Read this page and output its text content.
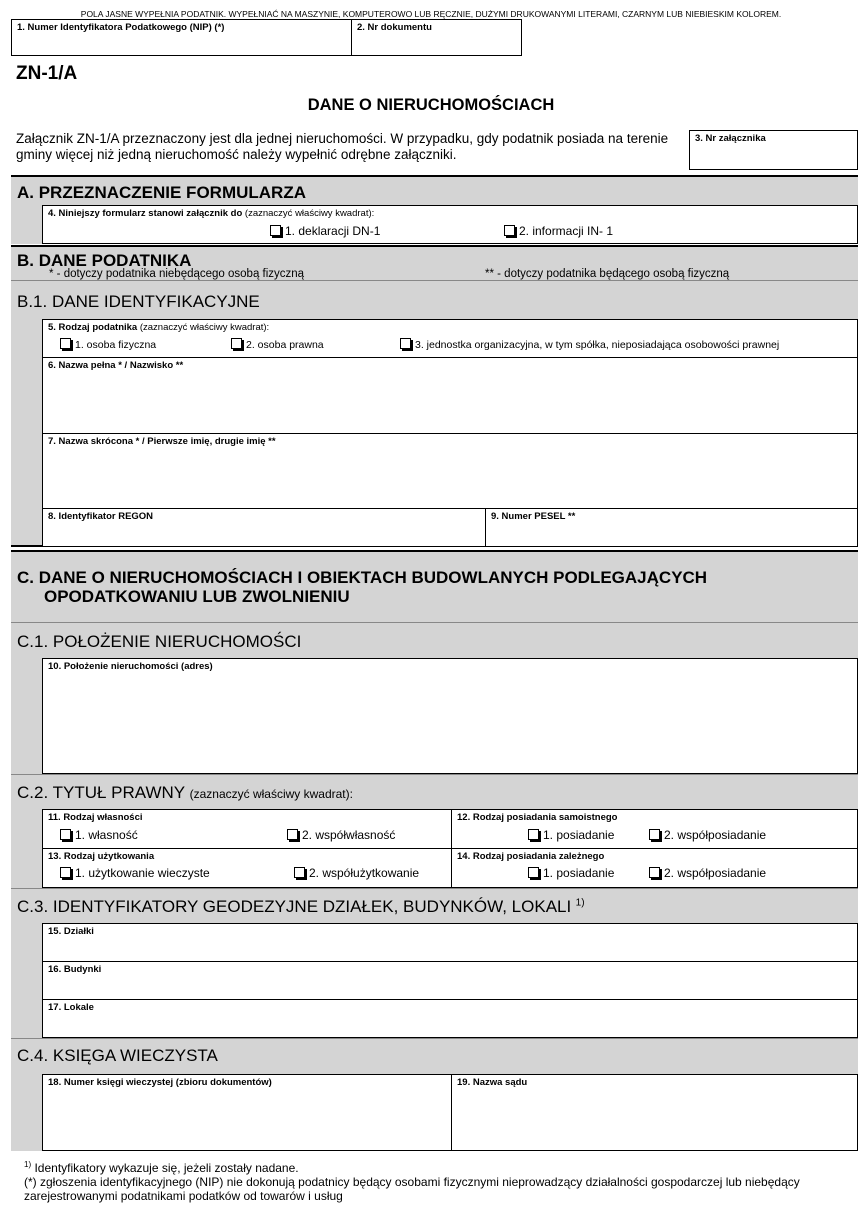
POLA JASNE WYPEŁNIA PODATNIK. WYPEŁNIAĆ NA MASZYNIE, KOMPUTEROWO LUB RĘCZNIE, DUŻYMI DRUKOWANYMI LITERAMI, CZARNYM LUB NIEBIESKIM KOLOREM.
1. Numer Identyfikatora Podatkowego (NIP) (*)	2. Nr dokumentu
ZN-1/A
DANE O NIERUCHOMOŚCIACH
Załącznik ZN-1/A przeznaczony jest dla jednej nieruchomości. W przypadku, gdy podatnik posiada na terenie gminy więcej niż jedną nieruchomość należy wypełnić odrębne załączniki.
3. Nr załącznika
A. PRZEZNACZENIE FORMULARZA
4. Niniejszy formularz stanowi załącznik do (zaznaczyć właściwy kwadrat):
1. deklaracji DN-1	2. informacji IN- 1
B. DANE PODATNIKA
* - dotyczy podatnika niebędącego osobą fizyczną	** - dotyczy podatnika będącego osobą fizyczną
B.1. DANE IDENTYFIKACYJNE
5. Rodzaj podatnika (zaznaczyć właściwy kwadrat):
1. osoba fizyczna	2. osoba prawna	3. jednostka organizacyjna, w tym spółka, nieposiadająca osobowości prawnej
6. Nazwa pełna * / Nazwisko **
7. Nazwa skrócona * / Pierwsze imię, drugie imię **
8. Identyfikator REGON	9. Numer PESEL **
C. DANE O NIERUCHOMOŚCIACH I OBIEKTACH BUDOWLANYCH PODLEGAJĄCYCH
OPODATKOWANIU LUB ZWOLNIENIU
C.1. POŁOŻENIE NIERUCHOMOŚCI
C.2. TYTUŁ PRAWNY (zaznaczyć właściwy kwadrat):
C.3. IDENTYFIKATORY GEODEZYJNE DZIAŁEK, BUDYNKÓW, LOKALI $^{1)}$
C.4. KSIĘGA WIECZYSTA
10. Położenie nieruchomości (adres)
11. Rodzaj własności
1. własność	2. współwłasność
12. Rodzaj posiadania samoistnego
1. posiadanie	2. współposiadanie
13. Rodzaj użytkowania
1. użytkowanie wieczyste	2. współużytkowanie
14. Rodzaj posiadania zależnego
1. posiadanie	2. współposiadanie
15. Działki
16. Budynki
17. Lokale
18. Numer księgi wieczystej (zbioru dokumentów)	19. Nazwa sądu
$^{1)}$ Identyfikatory wykazuje się, jeżeli zostały nadane.
(*) zgłoszenia identyfikacyjnego (NIP) nie dokonują podatnicy będący osobami fizycznymi nieprowadzący działalności gospodarczej lub niebędący zarejestrowanymi podatnikami podatków od towarów i usług
